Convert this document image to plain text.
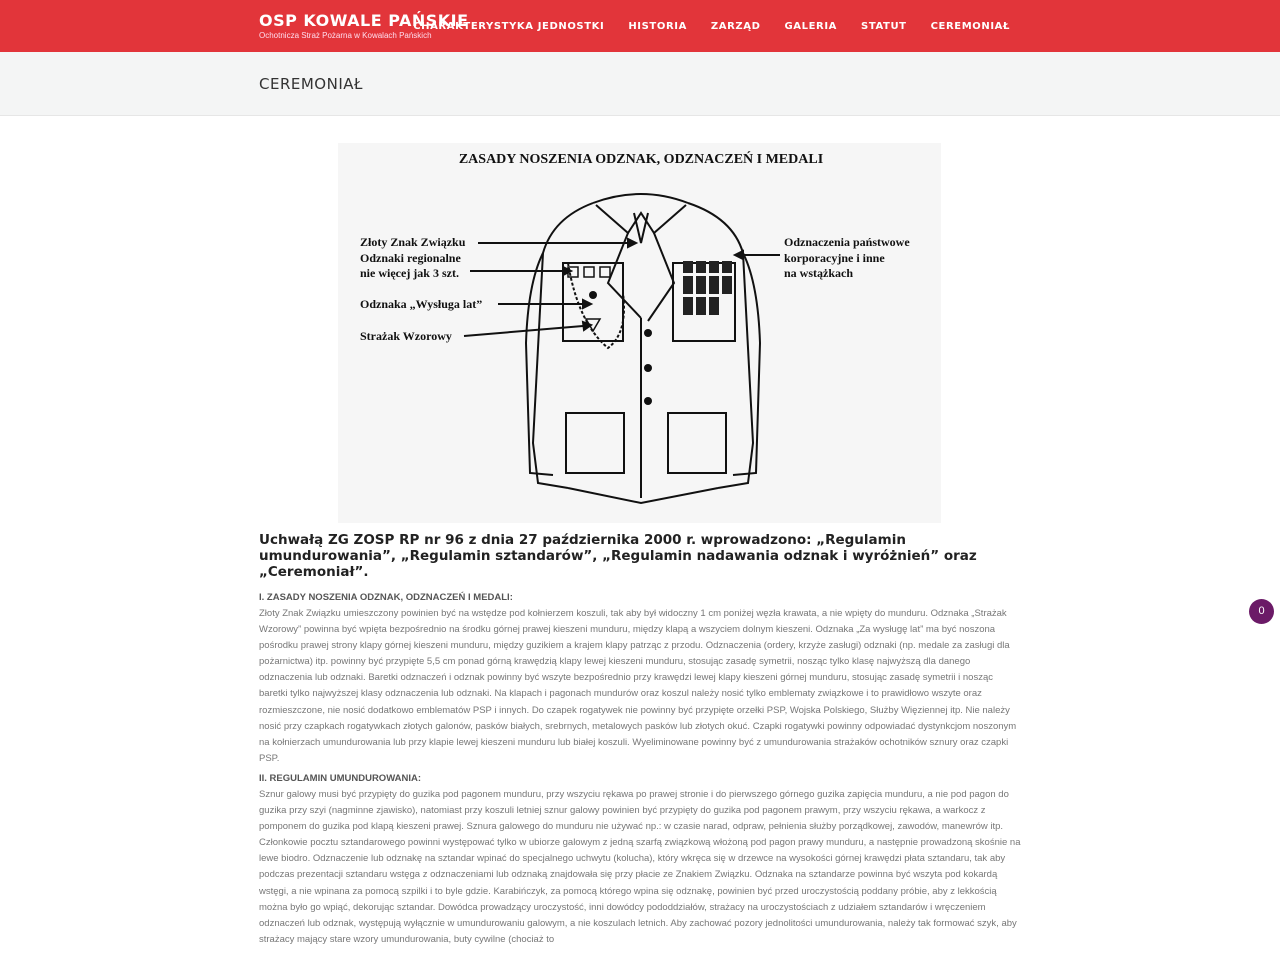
OSP KOWALE PAŃSKIE
Ochotnicza Straż Pożarna w Kowalach Pańskich
CHARAKTERYSTYKA JEDNOSTKI HISTORIA ZARZĄD GALERIA STATUT CEREMONIAŁ
CEREMONIAŁ
ZASADY NOSZENIA ODZNAK, ODZNACZEŃ I MEDALI
Złoty Znak Związku
Odznaki regionalne
nie więcej jak 3 szt.
Odznaka „Wysługa lat”
Strażak Wzorowy
Odznaczenia państwowe
korporacyjne i inne
na wstążkach
Uchwałą ZG ZOSP RP nr 96 z dnia 27 października 2000 r. wprowadzono: „Regulamin umundurowania”, „Regulamin sztandarów”, „Regulamin nadawania odznak i wyróżnień” oraz „Ceremoniał”.
I. ZASADY NOSZENIA ODZNAK, ODZNACZEŃ I MEDALI:

Złoty Znak Związku umieszczony powinien być na wstędze pod kołnierzem koszuli, tak aby był widoczny 1 cm poniżej węzła krawata, a nie wpięty do munduru. Odznaka „Strażak Wzorowy” powinna być wpięta bezpośrednio na środku górnej prawej kieszeni munduru, między klapą a wszyciem dolnym kieszeni. Odznaka „Za wysługę lat” ma być noszona pośrodku prawej strony klapy górnej kieszeni munduru, między guzikiem a krajem klapy patrząc z przodu. Odznaczenia (ordery, krzyże zasługi) odznaki (np. medale za zasługi dla pożarnictwa) itp. powinny być przypięte 5,5 cm ponad górną krawędzią klapy lewej kieszeni munduru, stosując zasadę symetrii, nosząc tylko klasę najwyższą dla danego odznaczenia lub odznaki. Baretki odznaczeń i odznak powinny być wszyte bezpośrednio przy krawędzi lewej klapy kieszeni górnej munduru, stosując zasadę symetrii i nosząc baretki tylko najwyższej klasy odznaczenia lub odznaki. Na klapach i pagonach mundurów oraz koszul należy nosić tylko emblematy związkowe i to prawidłowo wszyte oraz rozmieszczone, nie nosić dodatkowo emblematów PSP i innych. Do czapek rogatywek nie powinny być przypięte orzełki PSP, Wojska Polskiego, Służby Więziennej itp. Nie należy nosić przy czapkach rogatywkach złotych galonów, pasków białych, srebrnych, metalowych pasków lub złotych okuć. Czapki rogatywki powinny odpowiadać dystynkcjom noszonym na kołnierzach umundurowania lub przy klapie lewej kieszeni munduru lub białej koszuli. Wyeliminowane powinny być z umundurowania strażaków ochotników sznury oraz czapki PSP.

II. REGULAMIN UMUNDUROWANIA:

Sznur galowy musi być przypięty do guzika pod pagonem munduru, przy wszyciu rękawa po prawej stronie i do pierwszego górnego guzika zapięcia munduru, a nie pod pagon do guzika przy szyi (nagminne zjawisko), natomiast przy koszuli letniej sznur galowy powinien być przypięty do guzika pod pagonem prawym, przy wszyciu rękawa, a warkocz z pomponem do guzika pod klapą kieszeni prawej. Sznura galowego do munduru nie używać np.: w czasie narad, odpraw, pełnienia służby porządkowej, zawodów, manewrów itp. Członkowie pocztu sztandarowego powinni występować tylko w ubiorze galowym z jedną szarfą związkową włożoną pod pagon prawy munduru, a następnie prowadzoną skośnie na lewe biodro. Odznaczenie lub odznakę na sztandar wpinać do specjalnego uchwytu (kolucha), który wkręca się w drzewce na wysokości górnej krawędzi płata sztandaru, tak aby podczas prezentacji sztandaru wstęga z odznaczeniami lub odznaką znajdowała się przy płacie ze Znakiem Związku. Odznaka na sztandarze powinna być wszyta pod kokardą wstęgi, a nie wpinana za pomocą szpilki i to byle gdzie. Karabińczyk, za pomocą którego wpina się odznakę, powinien być przed uroczystością poddany próbie, aby z lekkością można było go wpiąć, dekorując sztandar. Dowódca prowadzący uroczystość, inni dowódcy pododdziałów, strażacy na uroczystościach z udziałem sztandarów i wręczeniem odznaczeń lub odznak, występują wyłącznie w umundurowaniu galowym, a nie koszulach letnich. Aby zachować pozory jednolitości umundurowania, należy tak formować szyk, aby strażacy mający stare wzory umundurowania, buty cywilne (chociaż to

0
